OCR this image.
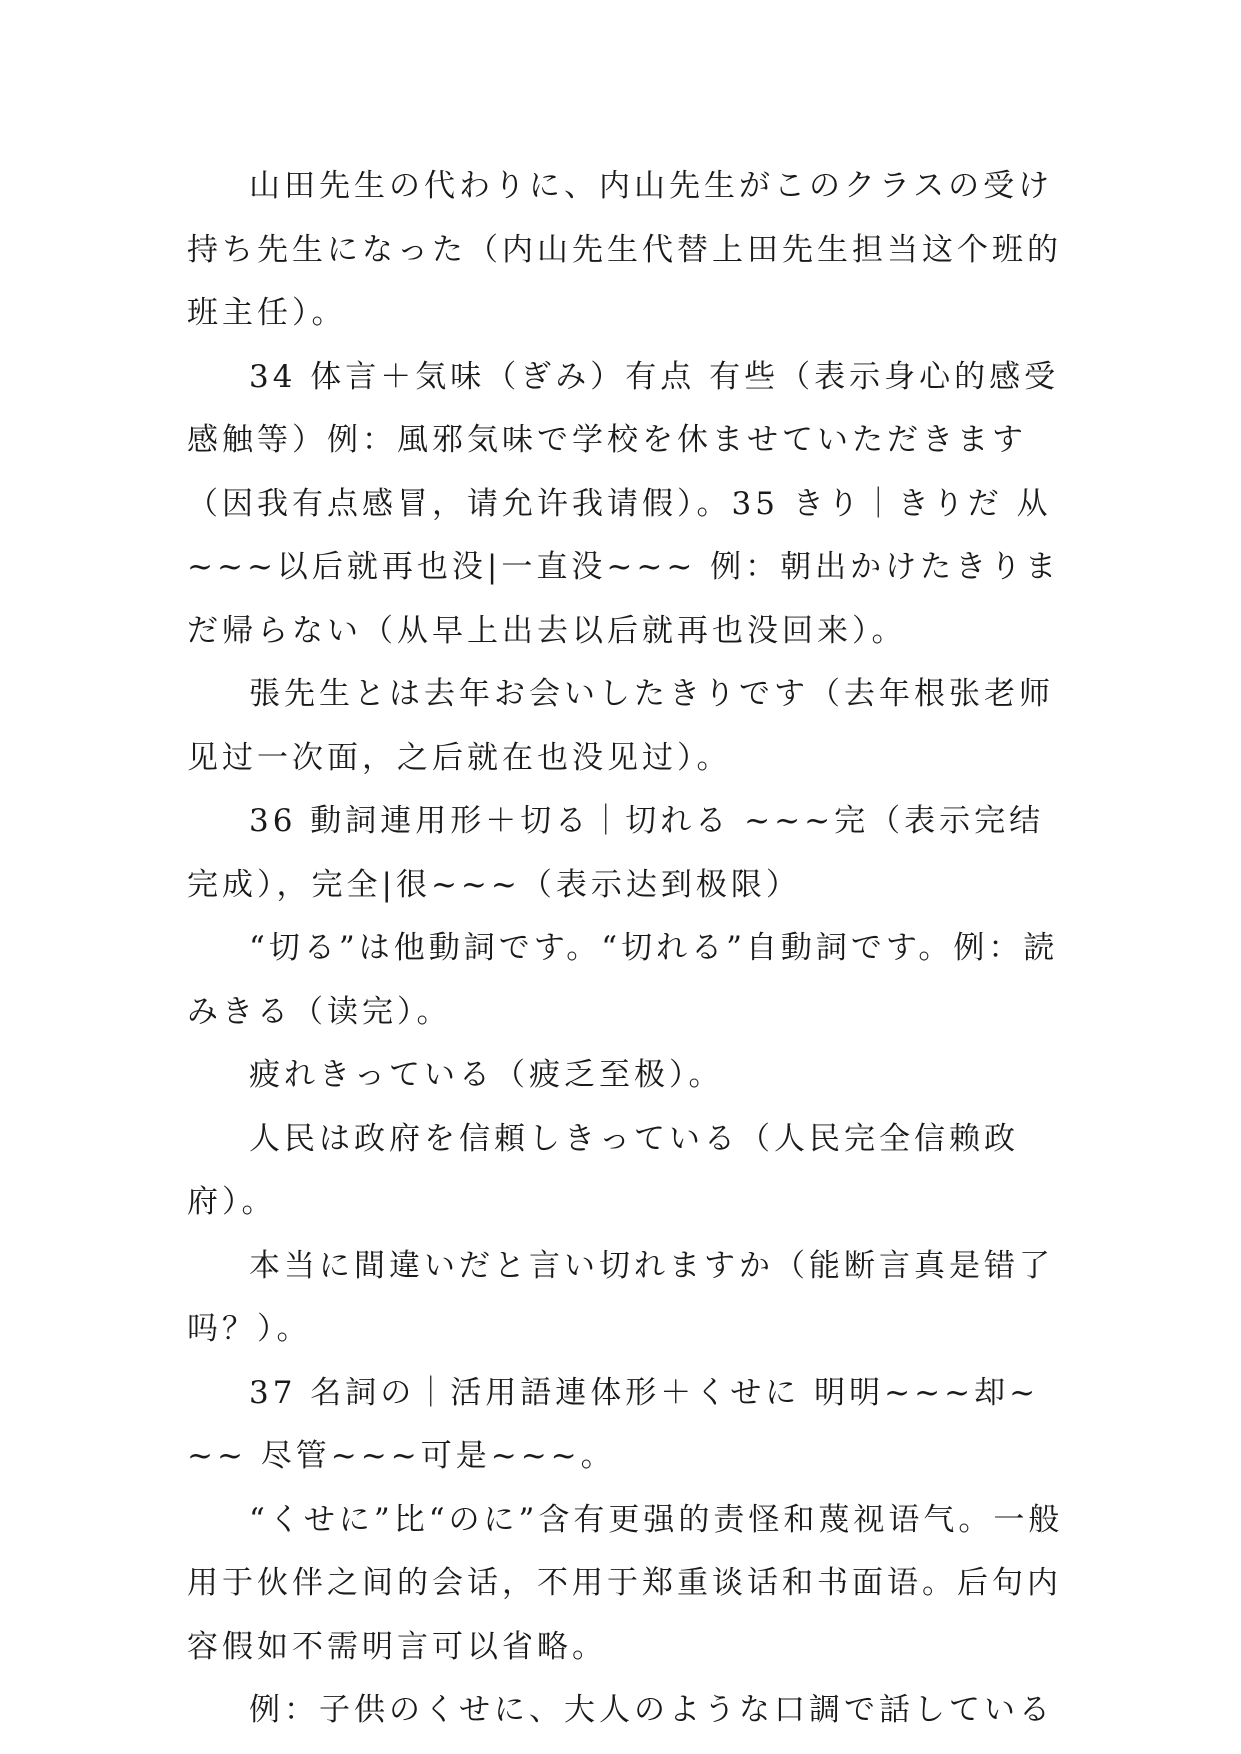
山田先生の代わりに、内山先生がこのクラスの受け持ち先生になった（内山先生代替上田先生担当这个班的班主任）。

34 体言＋気味（ぎみ）有点 有些（表示身心的感受感触等）例：風邪気味で学校を休ませていただきます（因我有点感冒，请允许我请假）。35 きり｜きりだ 从~~~以后就再也没|一直没~~~ 例：朝出かけたきりまだ帰らない（从早上出去以后就再也没回来）。

張先生とは去年お会いしたきりです（去年根张老师见过一次面，之后就在也没见过）。

36 動詞連用形＋切る｜切れる ~~~完（表示完结完成），完全|很~~~（表示达到极限）

“切る”は他動詞です。“切れる”自動詞です。例：読みきる（读完）。

疲れきっている（疲乏至极）。

人民は政府を信頼しきっている（人民完全信赖政府）。

本当に間違いだと言い切れますか（能断言真是错了吗？）。

37 名詞の｜活用語連体形＋くせに 明明~~~却~~~ 尽管~~~可是~~~。

“くせに”比“のに”含有更强的责怪和蔑视语气。一般用于伙伴之间的会话，不用于郑重谈话和书面语。后句内容假如不需明言可以省略。

例：子供のくせに、大人のような口調で話している
